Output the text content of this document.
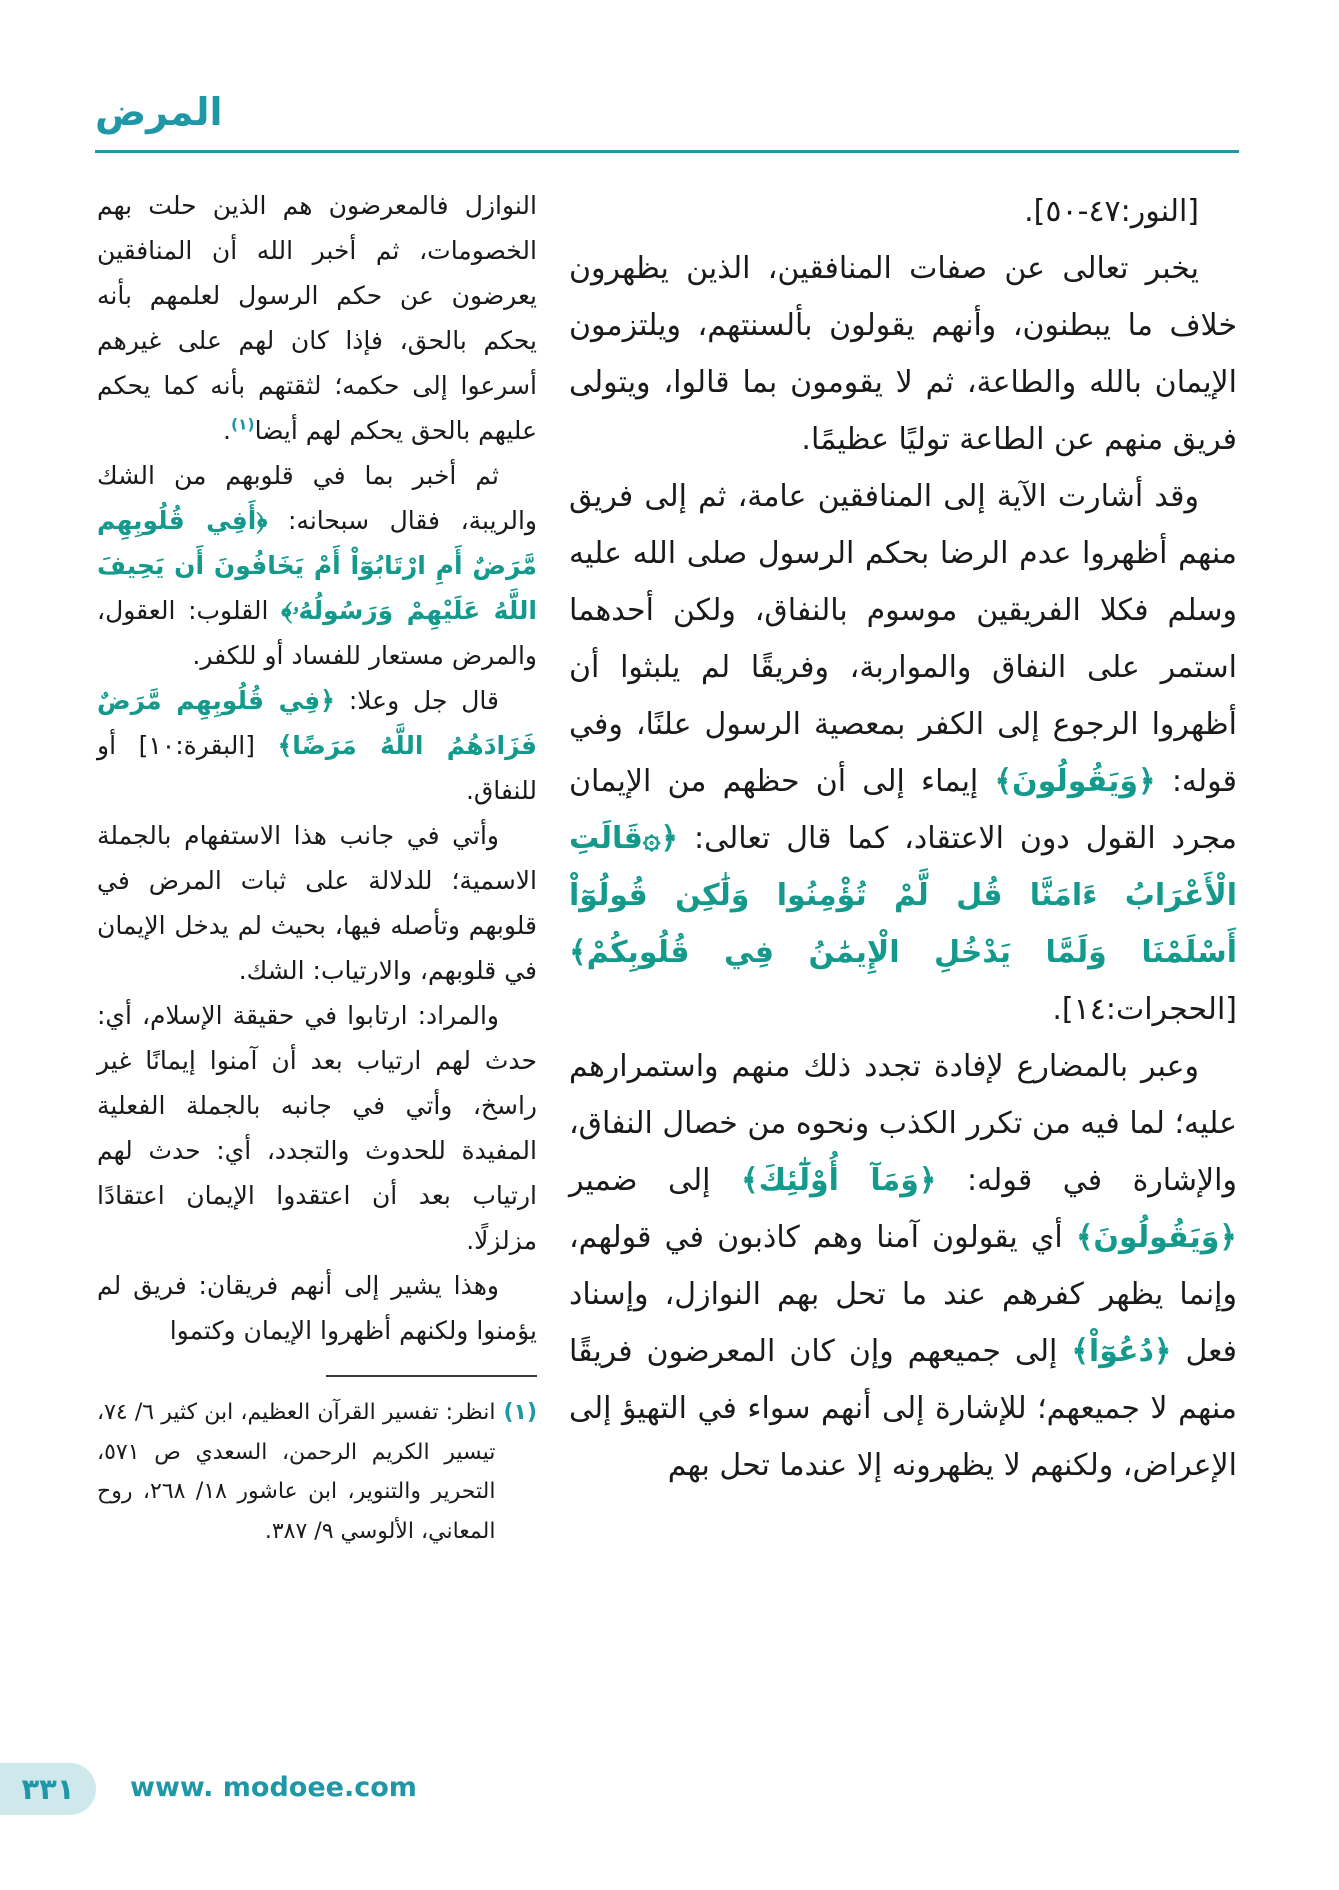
المرض

[النور:٤٧-٥٠].

يخبر تعالى عن صفات المنافقين، الذين يظهرون خلاف ما يبطنون، وأنهم يقولون بألسنتهم، ويلتزمون الإيمان بالله والطاعة، ثم لا يقومون بما قالوا، ويتولى فريق منهم عن الطاعة توليًا عظيمًا.

وقد أشارت الآية إلى المنافقين عامة، ثم إلى فريق منهم أظهروا عدم الرضا بحكم الرسول صلى الله عليه وسلم فكلا الفريقين موسوم بالنفاق، ولكن أحدهما استمر على النفاق والمواربة، وفريقًا لم يلبثوا أن أظهروا الرجوع إلى الكفر بمعصية الرسول علنًا، وفي قوله: ﴿وَيَقُولُونَ﴾ إيماء إلى أن حظهم من الإيمان مجرد القول دون الاعتقاد، كما قال تعالى: ﴿۞قَالَتِ الْأَعْرَابُ ءَامَنَّا قُل لَّمْ تُؤْمِنُوا وَلَٰكِن قُولُوٓاْ أَسْلَمْنَا وَلَمَّا يَدْخُلِ الْإِيمَٰنُ فِي قُلُوبِكُمْ﴾ [الحجرات:١٤].

وعبر بالمضارع لإفادة تجدد ذلك منهم واستمرارهم عليه؛ لما فيه من تكرر الكذب ونحوه من خصال النفاق، والإشارة في قوله: ﴿وَمَآ أُوْلَٰٓئِكَ﴾ إلى ضمير ﴿وَيَقُولُونَ﴾ أي يقولون آمنا وهم كاذبون في قولهم، وإنما يظهر كفرهم عند ما تحل بهم النوازل، وإسناد فعل ﴿دُعُوٓاْ﴾ إلى جميعهم وإن كان المعرضون فريقًا منهم لا جميعهم؛ للإشارة إلى أنهم سواء في التهيؤ إلى الإعراض، ولكنهم لا يظهرونه إلا عندما تحل بهم

النوازل فالمعرضون هم الذين حلت بهم الخصومات، ثم أخبر الله أن المنافقين يعرضون عن حكم الرسول لعلمهم بأنه يحكم بالحق، فإذا كان لهم على غيرهم أسرعوا إلى حكمه؛ لثقتهم بأنه كما يحكم عليهم بالحق يحكم لهم أيضا$^{(١)}$.

ثم أخبر بما في قلوبهم من الشك والريبة، فقال سبحانه: ﴿أَفِي قُلُوبِهِم مَّرَضٌ أَمِ ارْتَابُوٓاْ أَمْ يَخَافُونَ أَن يَحِيفَ اللَّهُ عَلَيْهِمْ وَرَسُولُهُۥ﴾ القلوب: العقول، والمرض مستعار للفساد أو للكفر.

قال جل وعلا: ﴿فِي قُلُوبِهِم مَّرَضٌ فَزَادَهُمُ اللَّهُ مَرَضًا﴾ [البقرة:١٠] أو للنفاق.

وأتي في جانب هذا الاستفهام بالجملة الاسمية؛ للدلالة على ثبات المرض في قلوبهم وتأصله فيها، بحيث لم يدخل الإيمان في قلوبهم، والارتياب: الشك.

والمراد: ارتابوا في حقيقة الإسلام، أي: حدث لهم ارتياب بعد أن آمنوا إيمانًا غير راسخ، وأتي في جانبه بالجملة الفعلية المفيدة للحدوث والتجدد، أي: حدث لهم ارتياب بعد أن اعتقدوا الإيمان اعتقادًا مزلزلًا.

وهذا يشير إلى أنهم فريقان: فريق لم يؤمنوا ولكنهم أظهروا الإيمان وكتموا

(١)
انظر: تفسير القرآن العظيم، ابن كثير ٦/ ٧٤، تيسير الكريم الرحمن، السعدي ص ٥٧١، التحرير والتنوير، ابن عاشور ١٨/ ٢٦٨، روح المعاني، الألوسي ٩/ ٣٨٧.
٣٣١ www. modoee.com
